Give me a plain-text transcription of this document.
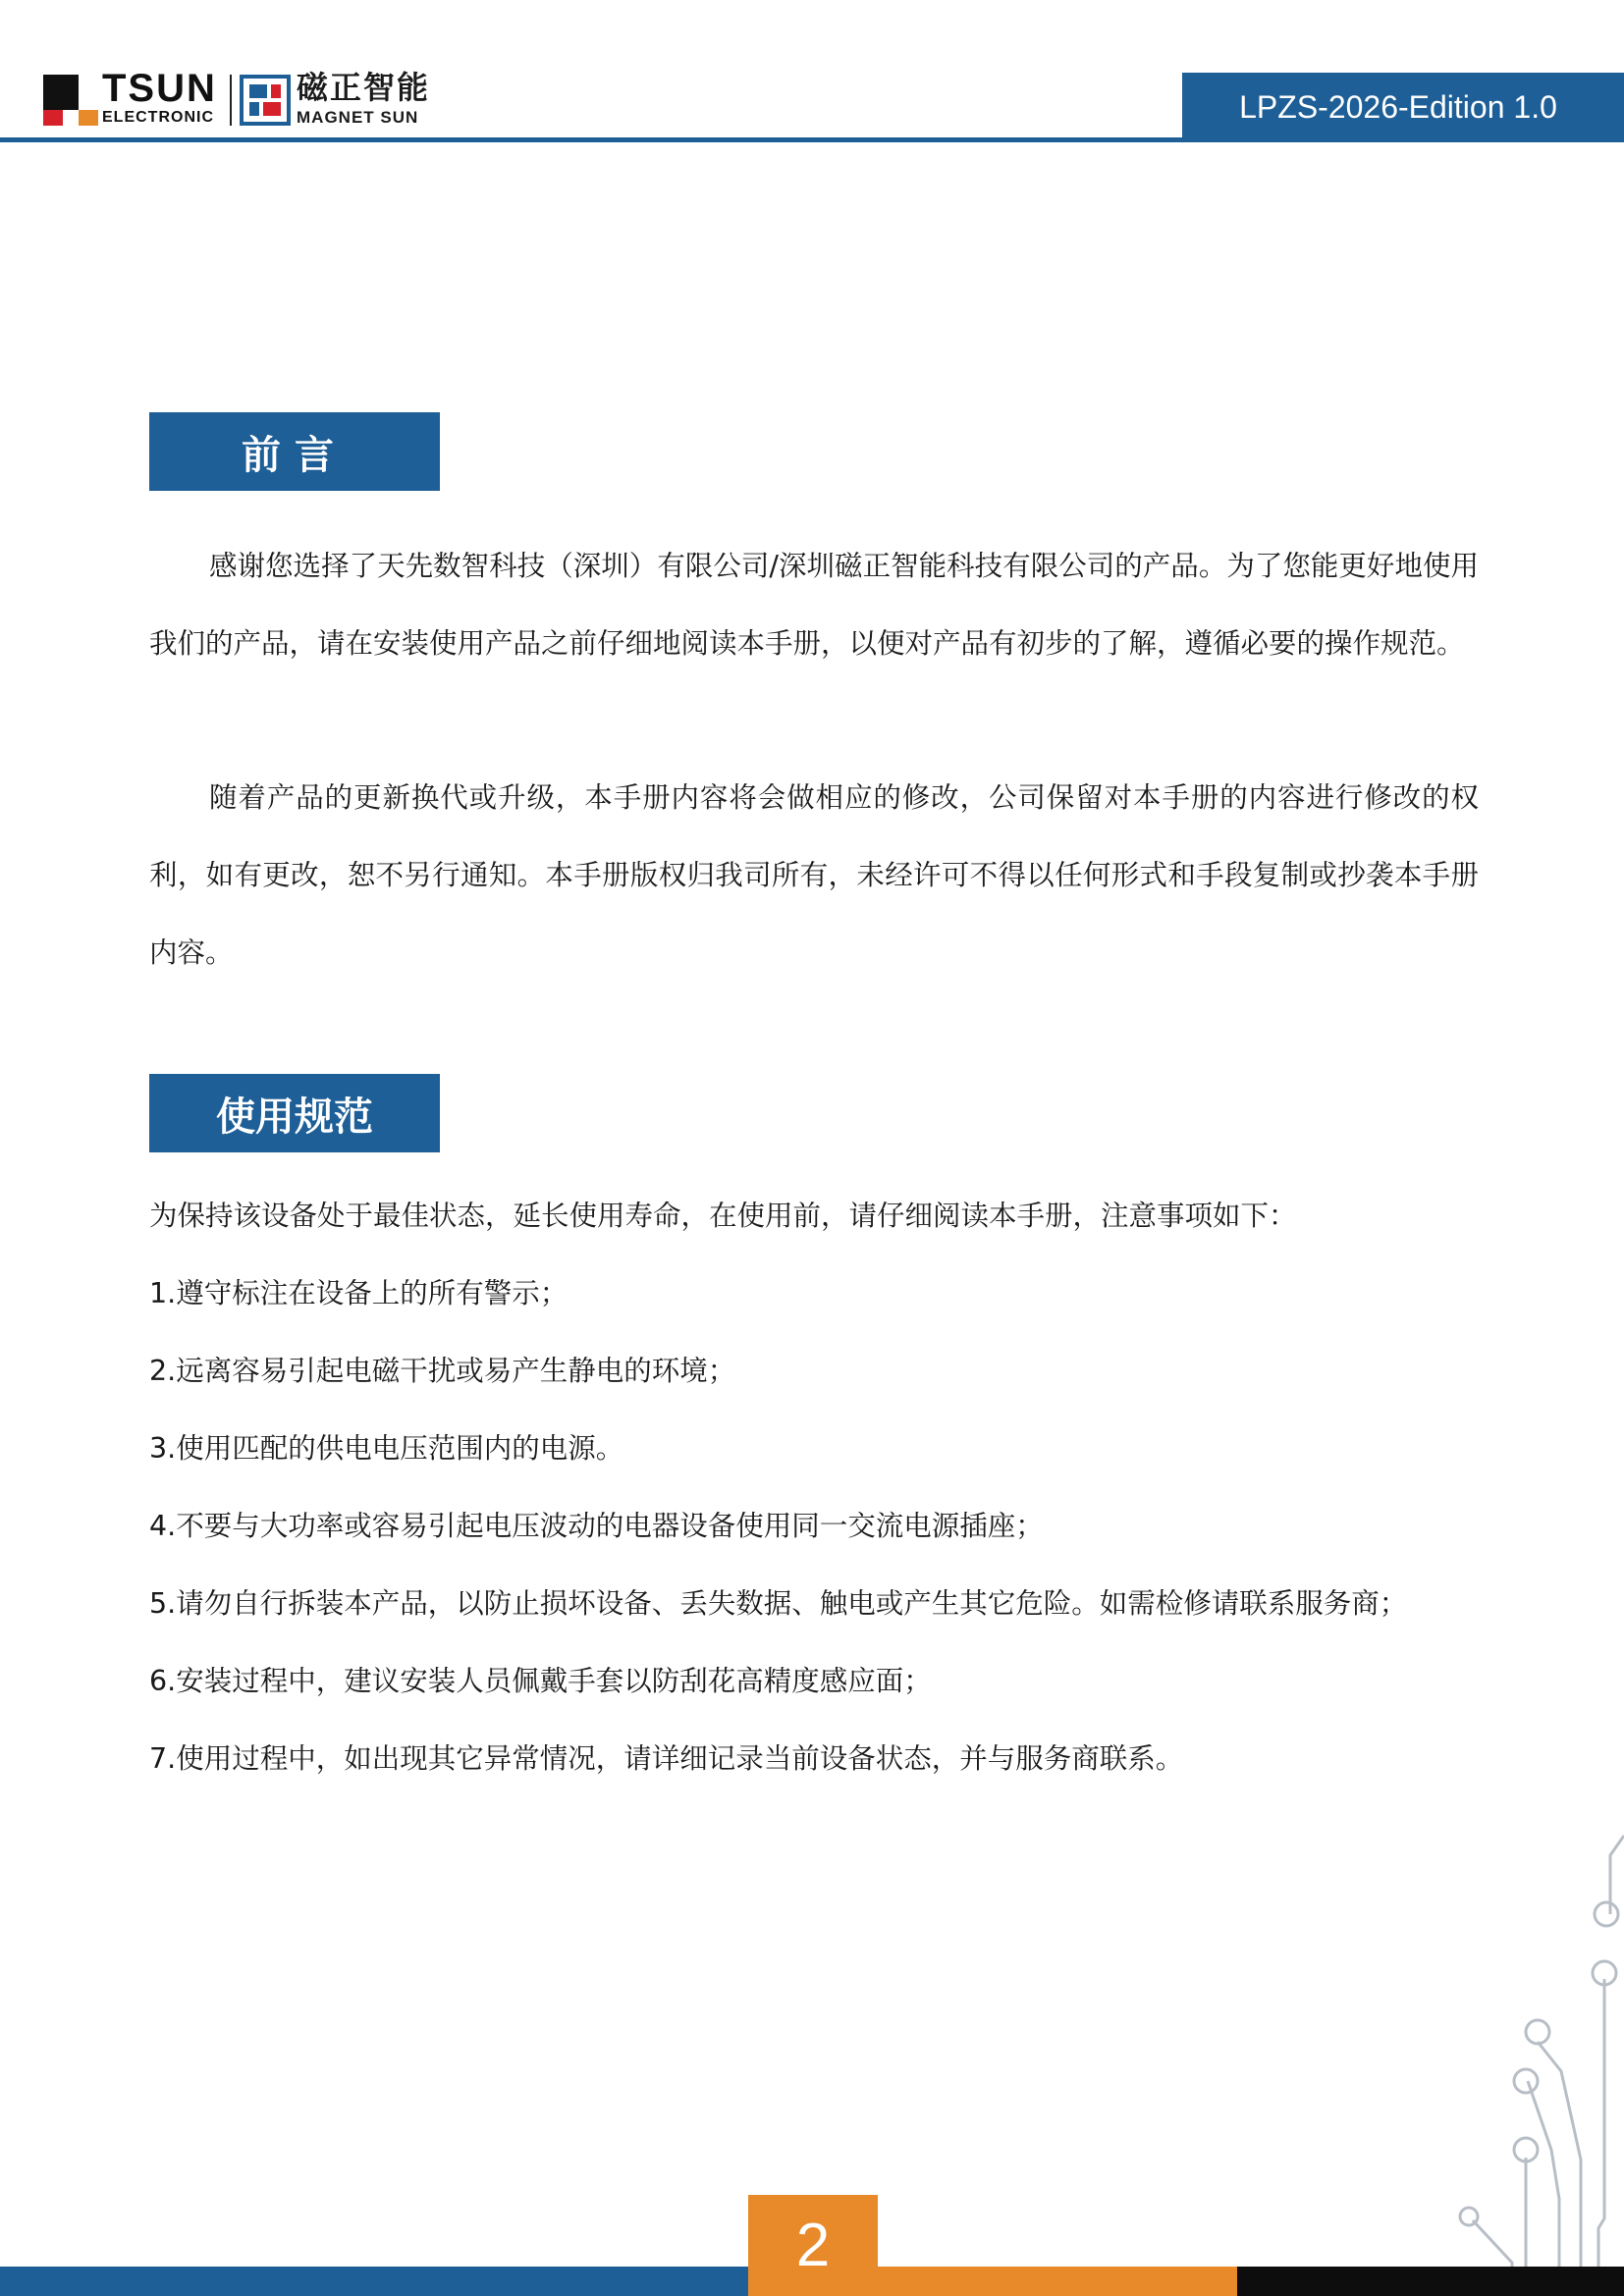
TSUN
ELECTRONIC
磁正智能
MAGNET SUN	LPZS-2026-Edition 1.0
前言

感谢您选择了天先数智科技（深圳）有限公司/深圳磁正智能科技有限公司的产品。为了您能更好地使用我们的产品，请在安装使用产品之前仔细地阅读本手册，以便对产品有初步的了解，遵循必要的操作规范。

随着产品的更新换代或升级，本手册内容将会做相应的修改，公司保留对本手册的内容进行修改的权利，如有更改，恕不另行通知。本手册版权归我司所有，未经许可不得以任何形式和手段复制或抄袭本手册内容。

使用规范
为保持该设备处于最佳状态，延长使用寿命，在使用前，请仔细阅读本手册，注意事项如下：
1.遵守标注在设备上的所有警示；
2.远离容易引起电磁干扰或易产生静电的环境；
3.使用匹配的供电电压范围内的电源。
4.不要与大功率或容易引起电压波动的电器设备使用同一交流电源插座；
5.请勿自行拆装本产品，以防止损坏设备、丢失数据、触电或产生其它危险。如需检修请联系服务商；
6.安装过程中，建议安装人员佩戴手套以防刮花高精度感应面；
7.使用过程中，如出现其它异常情况，请详细记录当前设备状态，并与服务商联系。
2
